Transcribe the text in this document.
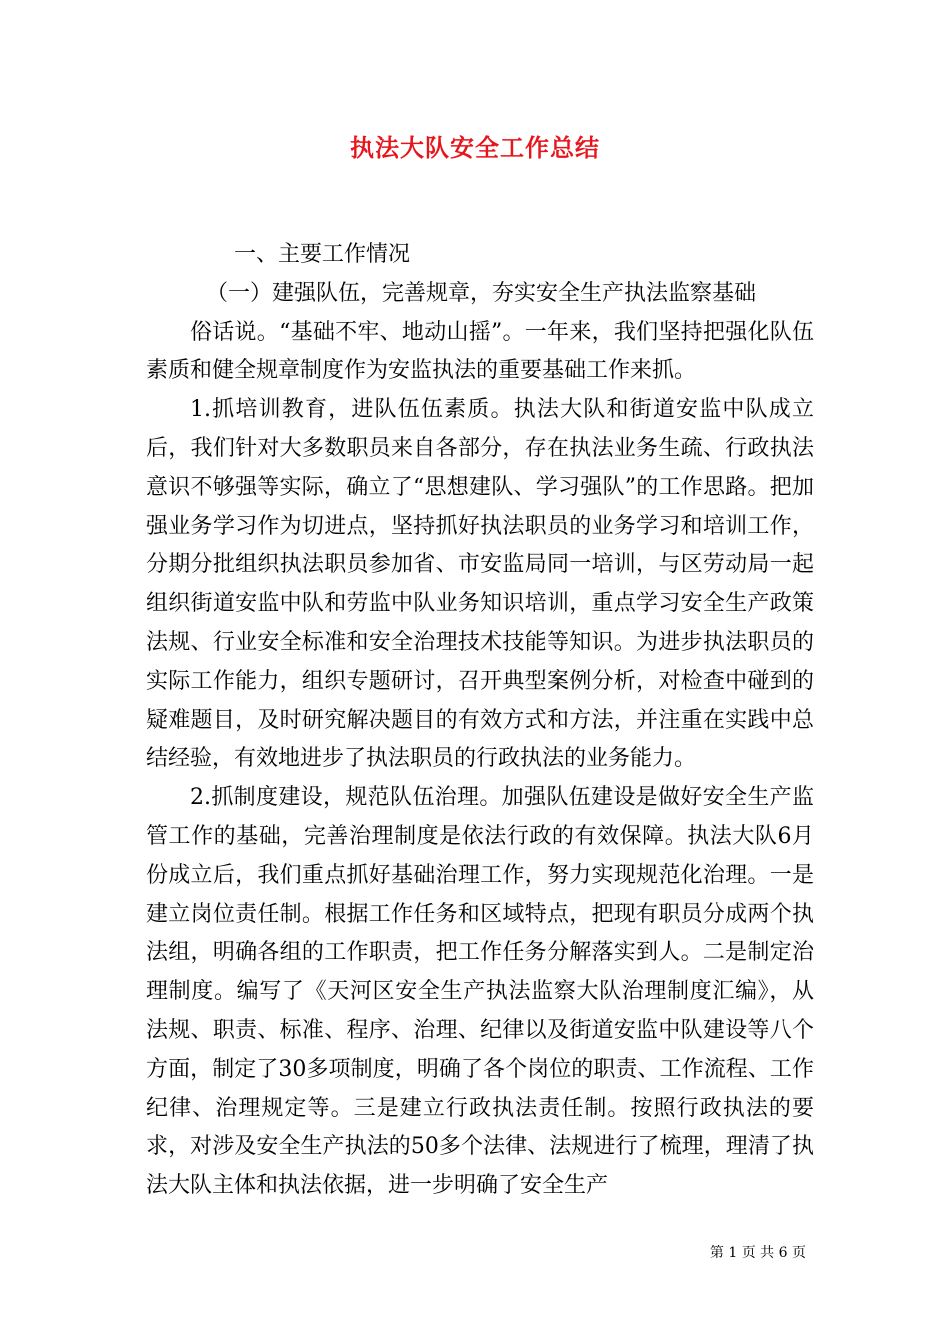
执法大队安全工作总结

一、主要工作情况

（一）建强队伍，完善规章，夯实安全生产执法监察基础

俗话说。“基础不牢、地动山摇”。一年来，我们坚持把强化队伍素质和健全规章制度作为安监执法的重要基础工作来抓。

1.抓培训教育，进队伍伍素质。执法大队和街道安监中队成立后，我们针对大多数职员来自各部分，存在执法业务生疏、行政执法意识不够强等实际，确立了“思想建队、学习强队”的工作思路。把加强业务学习作为切进点，坚持抓好执法职员的业务学习和培训工作，分期分批组织执法职员参加省、市安监局同一培训，与区劳动局一起组织街道安监中队和劳监中队业务知识培训，重点学习安全生产政策法规、行业安全标准和安全治理技术技能等知识。为进步执法职员的实际工作能力，组织专题研讨，召开典型案例分析，对检查中碰到的疑难题目，及时研究解决题目的有效方式和方法，并注重在实践中总结经验，有效地进步了执法职员的行政执法的业务能力。

2.抓制度建设，规范队伍治理。加强队伍建设是做好安全生产监管工作的基础，完善治理制度是依法行政的有效保障。执法大队6月份成立后，我们重点抓好基础治理工作，努力实现规范化治理。一是建立岗位责任制。根据工作任务和区域特点，把现有职员分成两个执法组，明确各组的工作职责，把工作任务分解落实到人。二是制定治理制度。编写了《天河区安全生产执法监察大队治理制度汇编》，从法规、职责、标准、程序、治理、纪律以及街道安监中队建设等八个方面，制定了30多项制度，明确了各个岗位的职责、工作流程、工作纪律、治理规定等。三是建立行政执法责任制。按照行政执法的要求，对涉及安全生产执法的50多个法律、法规进行了梳理，理清了执法大队主体和执法依据，进一步明确了安全生产

第 1 页 共 6 页
